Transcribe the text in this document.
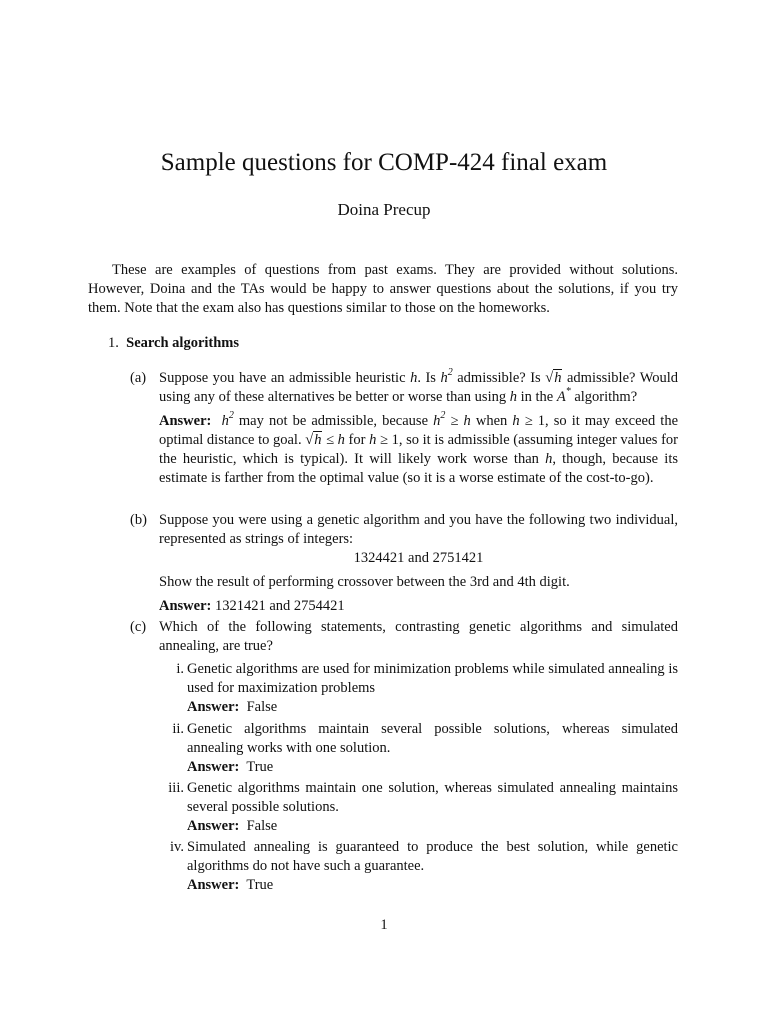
Sample questions for COMP-424 final exam
Doina Precup
These are examples of questions from past exams. They are provided without solutions. However, Doina and the TAs would be happy to answer questions about the solutions, if you try them. Note that the exam also has questions similar to those on the homeworks.
1. Search algorithms
(a) Suppose you have an admissible heuristic h. Is $h^2$ admissible? Is √h admissible? Would using any of these alternatives be better or worse than using h in the A* algorithm?
Answer: $h^2$ may not be admissible, because $h^2 \ge h$ when h ≥ 1, so it may exceed the optimal distance to goal. √h ≤ h for h ≥ 1, so it is admissible (assuming integer values for the heuristic, which is typical). It will likely work worse than h, though, because its estimate is farther from the optimal value (so it is a worse estimate of the cost-to-go).
(b) Suppose you were using a genetic algorithm and you have the following two individual, represented as strings of integers:
1324421 and 2751421
Show the result of performing crossover between the 3rd and 4th digit.
Answer: 1321421 and 2754421
(c) Which of the following statements, contrasting genetic algorithms and simulated annealing, are true?
i. Genetic algorithms are used for minimization problems while simulated annealing is used for maximization problems
Answer: False
ii. Genetic algorithms maintain several possible solutions, whereas simulated annealing works with one solution.
Answer: True
iii. Genetic algorithms maintain one solution, whereas simulated annealing maintains several possible solutions.
Answer: False
iv. Simulated annealing is guaranteed to produce the best solution, while genetic algorithms do not have such a guarantee.
Answer: True
1
